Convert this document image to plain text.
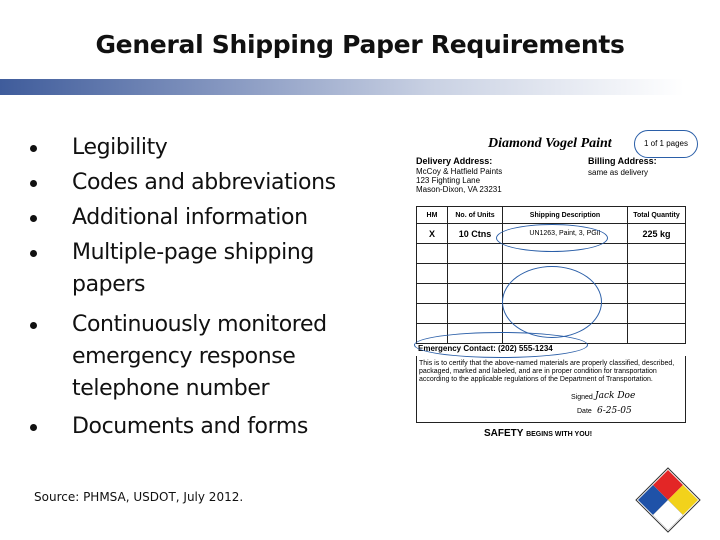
General Shipping Paper Requirements
Legibility
Codes and abbreviations
Additional information
Multiple-page shipping papers
Continuously monitored emergency response telephone number
Documents and forms
Source: PHMSA, USDOT, July 2012.
Diamond Vogel Paint	1 of 1 pages
Delivery Address:
McCoy & Hatfield Paints
123 Fighting Lane
Mason-Dixon, VA 23231
Billing Address:
same as delivery
HM	No. of Units	Shipping Description	Total Quantity
X	10 Ctns	UN1263, Paint, 3, PGII	225 kg

Emergency Contact: (202) 555-1234
This is to certify that the above-named materials are properly classified, described, packaged, marked and labeled, and are in proper condition for transportation according to the applicable regulations of the Department of Transportation.
Signed Jack Doe
Date 6-25-05
SAFETY BEGINS WITH YOU!
46
